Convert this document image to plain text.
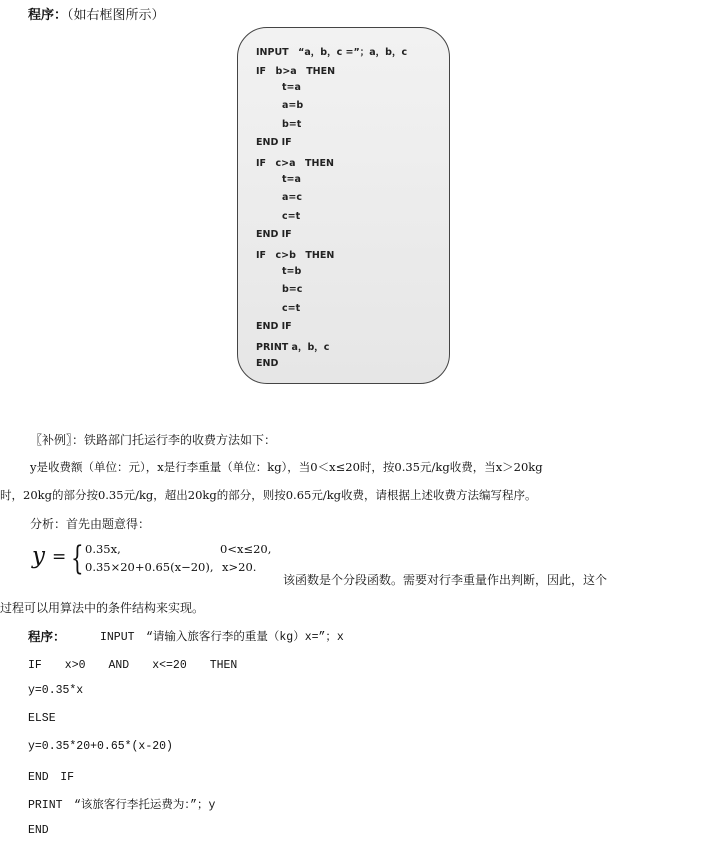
程序：（如右框图所示）
INPUT　“a，b，c =”；a，b，c
IF　b>a　THEN
t=a
a=b
b=t
END IF
IF　c>a　THEN
t=a
a=c
c=t
END IF
IF　c>b　THEN
t=b
b=c
c=t
END IF
PRINT a，b，c
END
〖补例〗：铁路部门托运行李的收费方法如下：
y是收费额（单位：元），x是行李重量（单位：kg），当0＜x≤20时，按0.35元/kg收费，当x＞20kg
时，20kg的部分按0.35元/kg，超出20kg的部分，则按0.65元/kg收费，请根据上述收费方法编写程序。
分析：首先由题意得：
y = { 0.35x,	0<x≤20,
0.35×20+0.65(x−20), x>20.
该函数是个分段函数。需要对行李重量作出判断，因此，这个
过程可以用算法中的条件结构来实现。
程序：	INPUT　“请输入旅客行李的重量（kg）x=”；x
IF　　x>0　　AND　　x<=20　　THEN
y=0.35*x
ELSE
y=0.35*20+0.65*(x-20)
END　IF
PRINT　“该旅客行李托运费为：”；y
END
